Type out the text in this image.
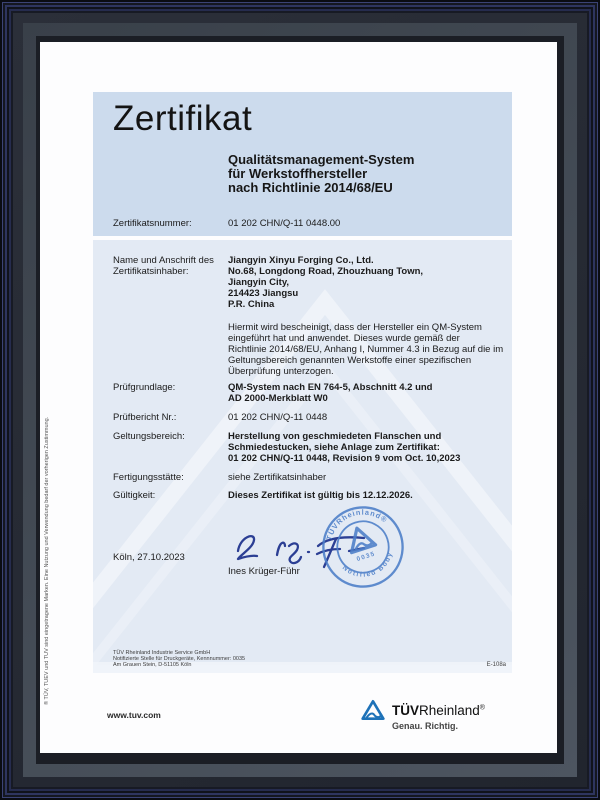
Zertifikat
Qualitätsmanagement-System
für Werkstoffhersteller
nach Richtlinie 2014/68/EU
Zertifikatsnummer:	01 202 CHN/Q-11 0448.00
Name und Anschrift des
Zertifikatsinhaber:
Jiangyin Xinyu Forging Co., Ltd.
No.68, Longdong Road, Zhouzhuang Town,
Jiangyin City,
214423 Jiangsu
P.R. China
Hiermit wird bescheinigt, dass der Hersteller ein QM-System
eingeführt hat und anwendet. Dieses wurde gemäß der
Richtlinie 2014/68/EU, Anhang I, Nummer 4.3 in Bezug auf die im
Geltungsbereich genannten Werkstoffe einer spezifischen
Überprüfung unterzogen.
Prüfgrundlage:	QM-System nach EN 764-5, Abschnitt 4.2 und
AD 2000-Merkblatt W0
Prüfbericht Nr.:	01 202 CHN/Q-11 0448
Geltungsbereich:	Herstellung von geschmiedeten Flanschen und
Schmiedestucken, siehe Anlage zum Zertifikat:
01 202 CHN/Q-11 0448, Revision 9 vom Oct. 10,2023
Fertigungsstätte:	siehe Zertifikatsinhaber
Gültigkeit:	Dieses Zertifikat ist gültig bis 12.12.2026.
Köln, 27.10.2023
Ines Krüger-Führ
TÜVRheinland®
Notified Body
0035
TÜV Rheinland Industrie Service GmbH
Notifizierte Stelle für Druckgeräte, Kennnummer: 0035
Am Grauen Stein, D-51105 Köln	E-108a
www.tuv.com	TÜVRheinland®
Genau. Richtig.
® TÜV, TUEV und TUV sind eingetragene Marken. Eine Nutzung und Verwendung bedarf der vorherigen Zustimmung.
